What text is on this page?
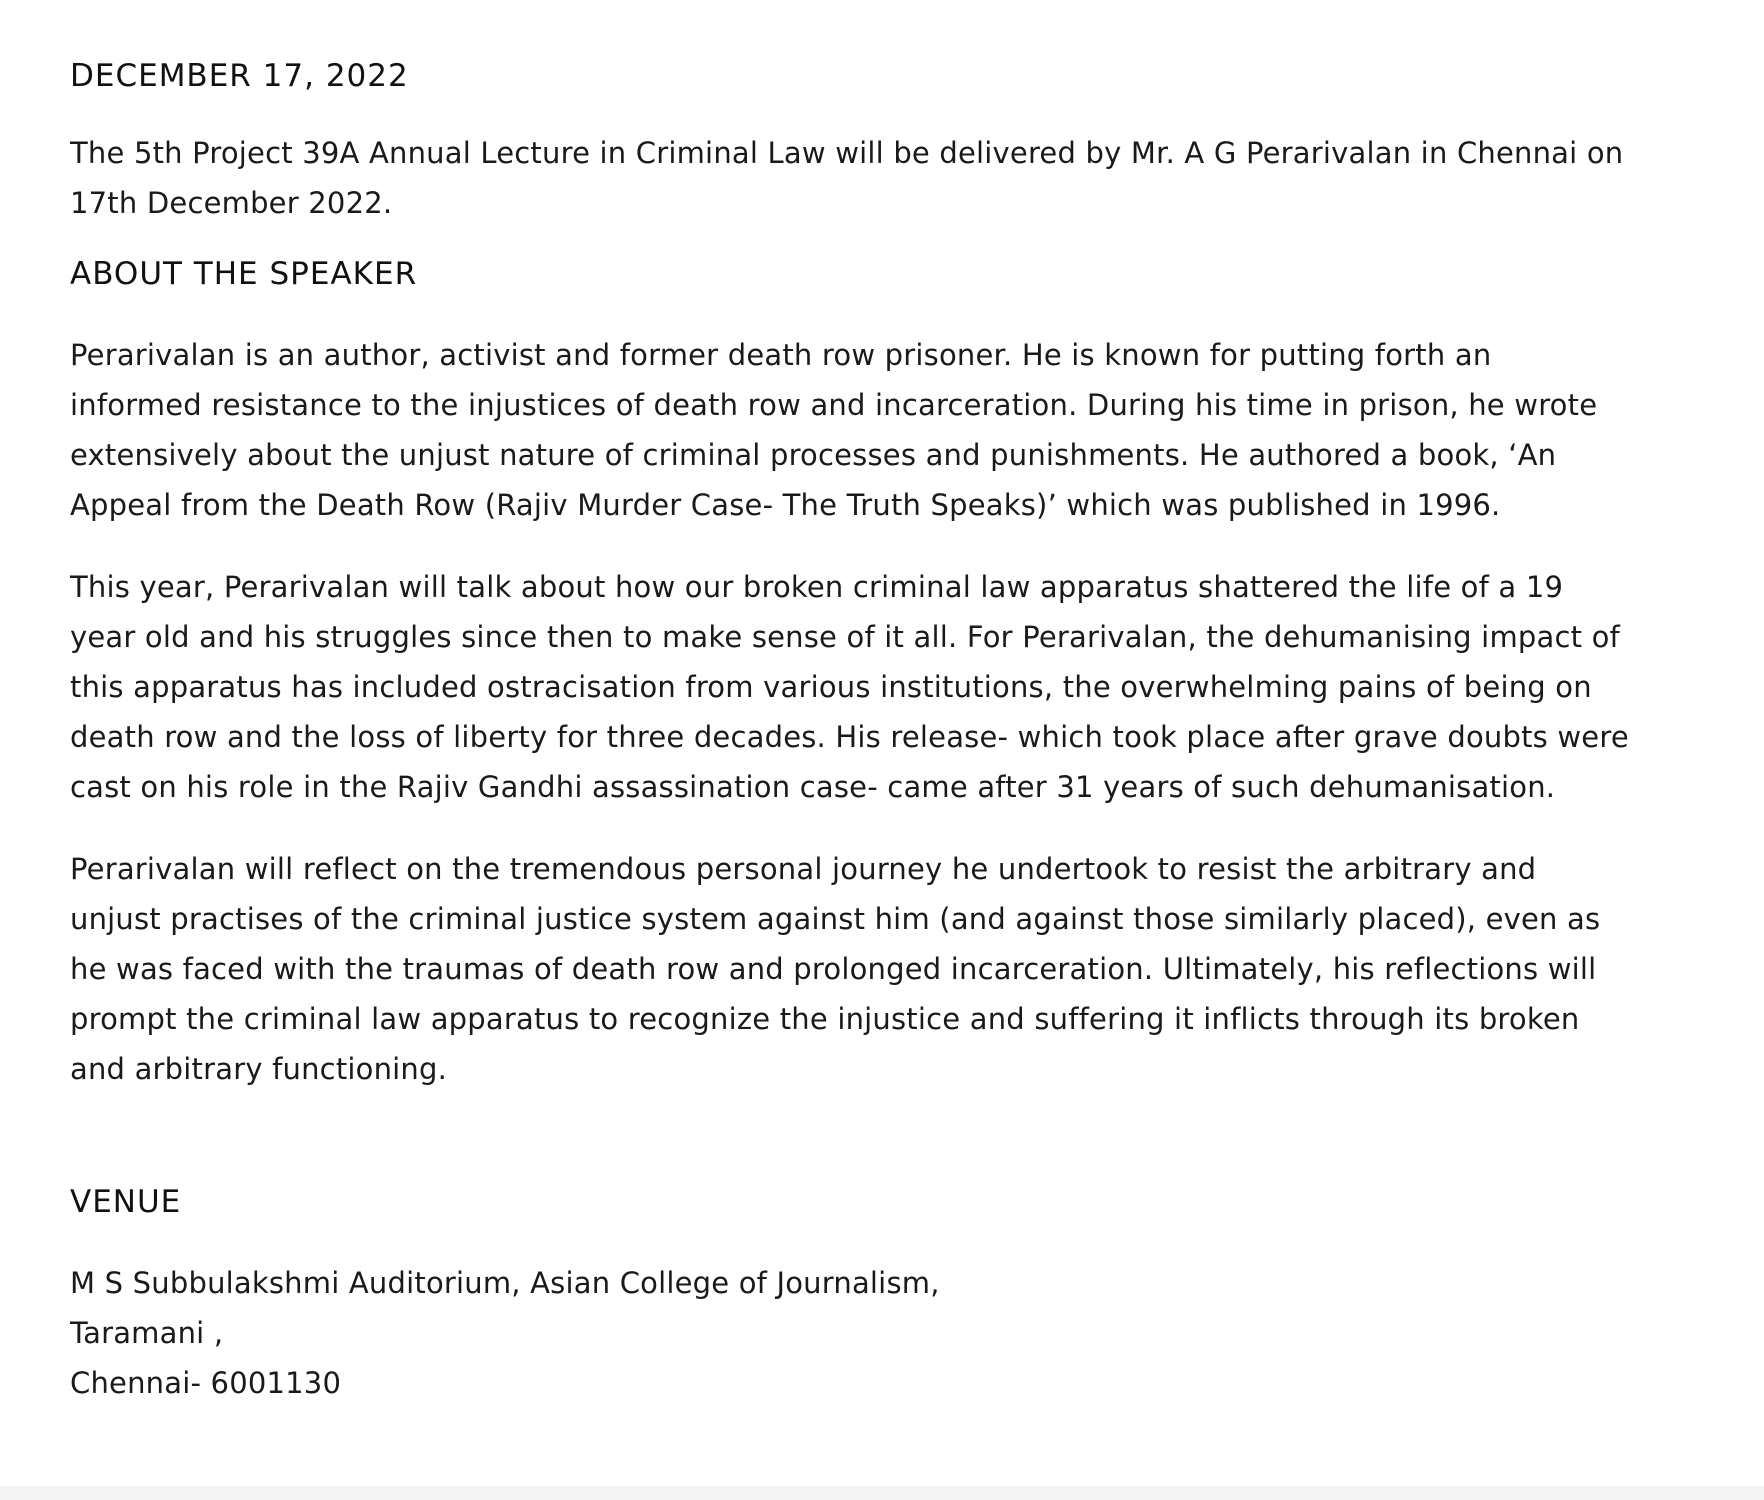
DECEMBER 17, 2022

The 5th Project 39A Annual Lecture in Criminal Law will be delivered by Mr. A G Perarivalan in Chennai on 17th December 2022.

ABOUT THE SPEAKER

Perarivalan is an author, activist and former death row prisoner. He is known for putting forth an informed resistance to the injustices of death row and incarceration. During his time in prison, he wrote extensively about the unjust nature of criminal processes and punishments. He authored a book, ‘An Appeal from the Death Row (Rajiv Murder Case- The Truth Speaks)’ which was published in 1996.

This year, Perarivalan will talk about how our broken criminal law apparatus shattered the life of a 19 year old and his struggles since then to make sense of it all. For Perarivalan, the dehumanising impact of this apparatus has included ostracisation from various institutions, the overwhelming pains of being on death row and the loss of liberty for three decades. His release- which took place after grave doubts were cast on his role in the Rajiv Gandhi assassination case- came after 31 years of such dehumanisation.

Perarivalan will reflect on the tremendous personal journey he undertook to resist the arbitrary and unjust practises of the criminal justice system against him (and against those similarly placed), even as he was faced with the traumas of death row and prolonged incarceration. Ultimately, his reflections will prompt the criminal law apparatus to recognize the injustice and suffering it inflicts through its broken and arbitrary functioning.

VENUE

M S Subbulakshmi Auditorium, Asian College of Journalism,

Taramani ,

Chennai- 6001130
